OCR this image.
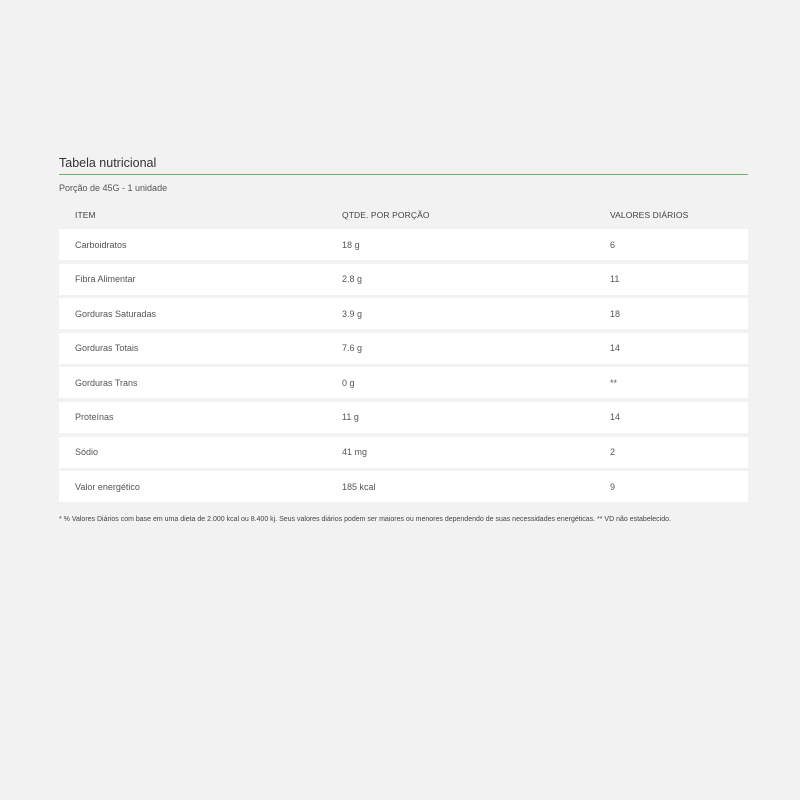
Tabela nutricional
Porção de 45G - 1 unidade
ITEM	QTDE. POR PORÇÃO	VALORES DIÁRIOS
Carboidratos	18 g	6
Fibra Alimentar	2.8 g	11
Gorduras Saturadas	3.9 g	18
Gorduras Totais	7.6 g	14
Gorduras Trans	0 g	**
Proteínas	11 g	14
Sódio	41 mg	2
Valor energético	185 kcal	9
* % Valores Diários com base em uma dieta de 2.000 kcal ou 8.400 kj. Seus valores diários podem ser maiores ou menores dependendo de suas necessidades energéticas. ** VD não estabelecido.
